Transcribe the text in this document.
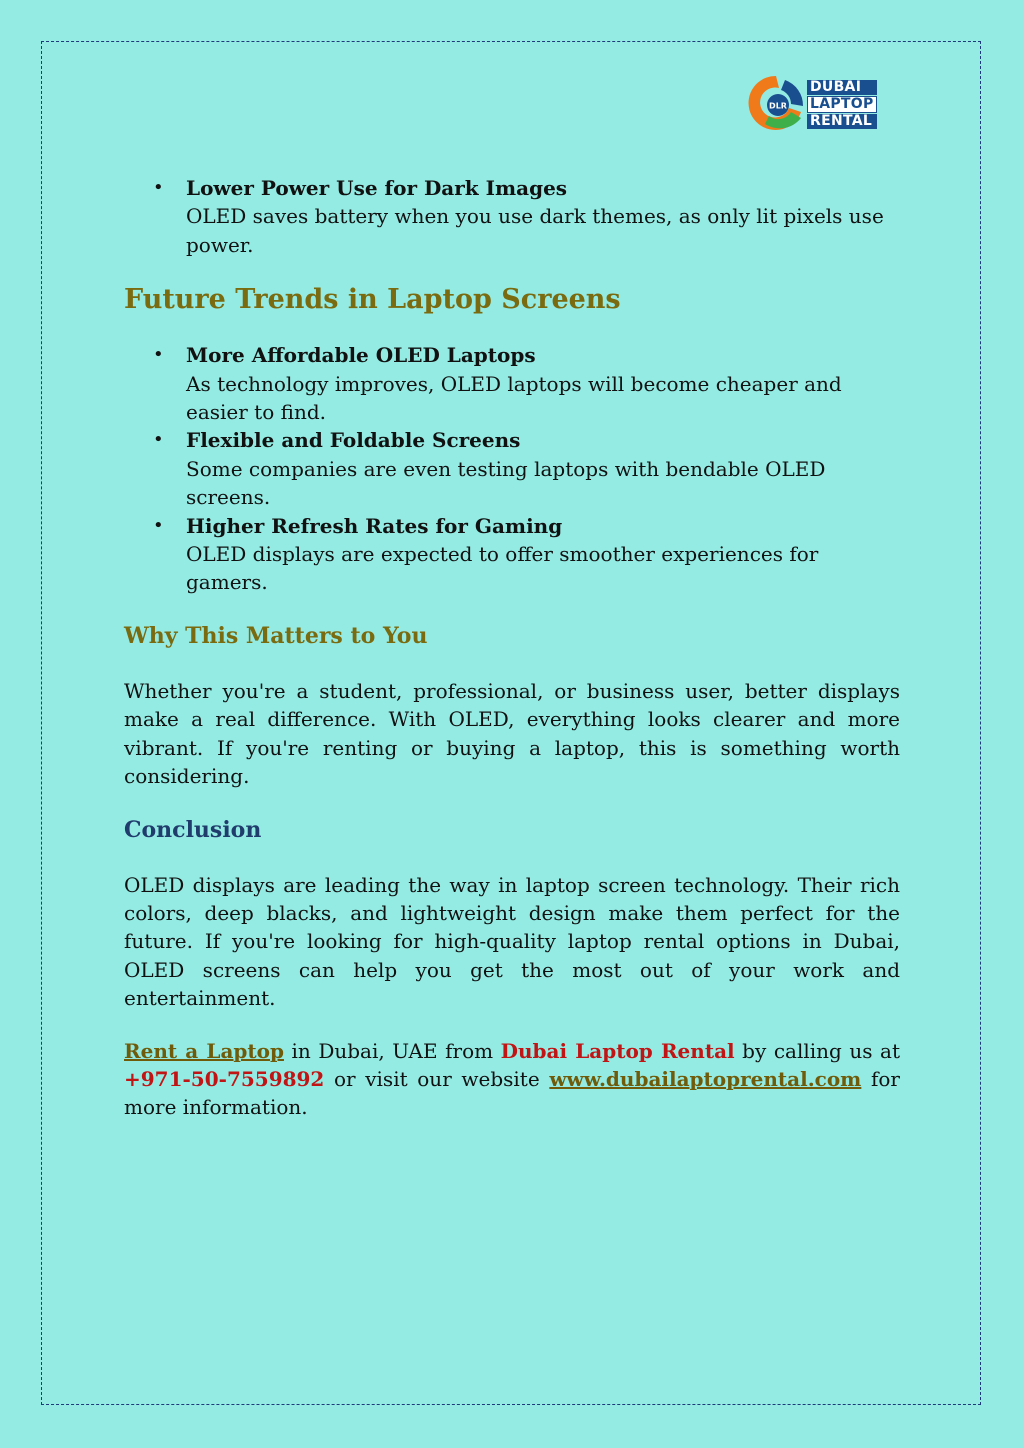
DLR
DUBAI
LAPTOP
RENTAL
• Lower Power Use for Dark Images
OLED saves battery when you use dark themes, as only lit pixels use power.
Future Trends in Laptop Screens
• More Affordable OLED Laptops
As technology improves, OLED laptops will become cheaper and easier to find.
• Flexible and Foldable Screens
Some companies are even testing laptops with bendable OLED screens.
• Higher Refresh Rates for Gaming
OLED displays are expected to offer smoother experiences for gamers.
Why This Matters to You

Whether you're a student, professional, or business user, better displays make a real difference. With OLED, everything looks clearer and more vibrant. If you're renting or buying a laptop, this is something worth considering.

Conclusion

OLED displays are leading the way in laptop screen technology. Their rich colors, deep blacks, and lightweight design make them perfect for the future. If you're looking for high-quality laptop rental options in Dubai, OLED screens can help you get the most out of your work and entertainment.

Rent a Laptop in Dubai, UAE from Dubai Laptop Rental by calling us at +971-50-7559892 or visit our website www.dubailaptoprental.com for more information.
